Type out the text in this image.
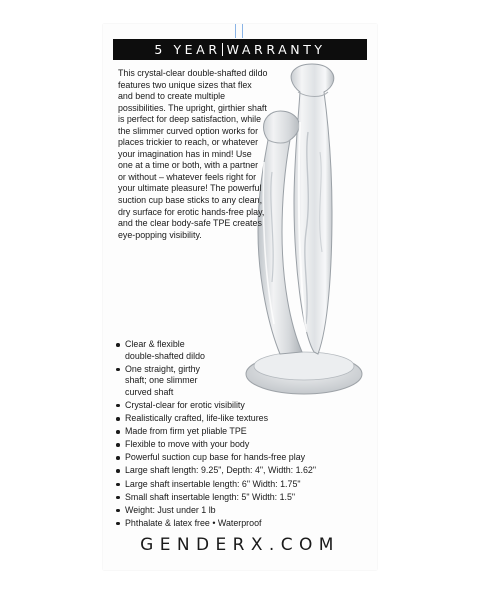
5 YEAR WARRANTY

This crystal-clear double-shafted dildo features two unique sizes that flex and bend to create multiple possibilities. The upright, girthier shaft is perfect for deep satisfaction, while the slimmer curved option works for places trickier to reach, or whatever your imagination has in mind! Use one at a time or both, with a partner or without – whatever feels right for your ultimate pleasure! The powerful suction cup base sticks to any clean, dry surface for erotic hands-free play, and the clear body-safe TPE creates eye-popping visibility.

Clear & flexible
double-shafted dildo
One straight, girthy
shaft; one slimmer
curved shaft
Crystal-clear for erotic visibility
Realistically crafted, life-like textures
Made from firm yet pliable TPE
Flexible to move with your body
Powerful suction cup base for hands-free play
Large shaft length: 9.25", Depth: 4", Width: 1.62"
Large shaft insertable length: 6" Width: 1.75"
Small shaft insertable length: 5" Width: 1.5"
Weight: Just under 1 lb
Phthalate & latex free • Waterproof
GENDERX.COM
